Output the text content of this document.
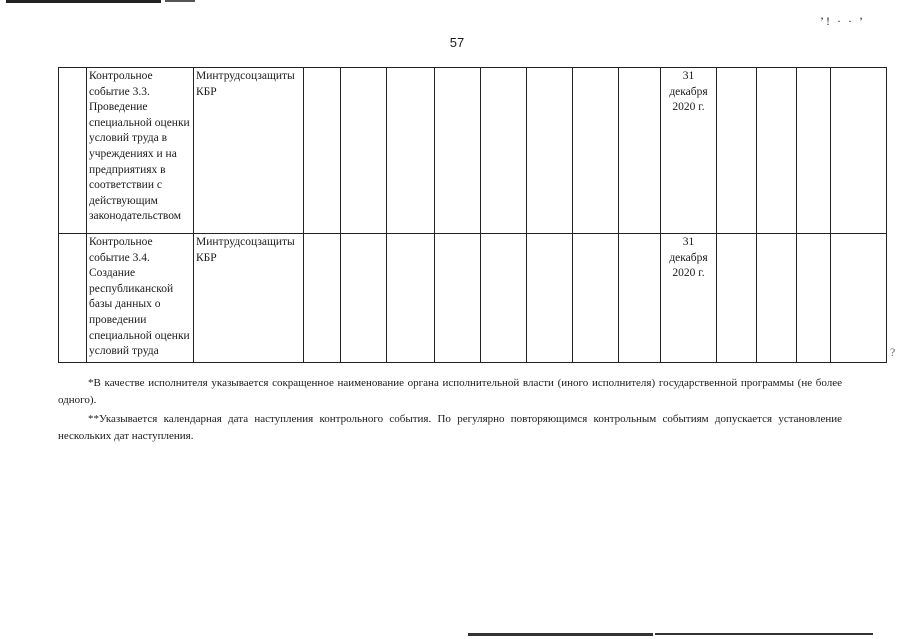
’! · · ’
?
57
	Контрольное событие 3.3. Проведение специальной оценки условий труда в учреждениях и на предприятиях в соответствии с действующим законодательством	Минтрудсоцзащиты КБР									31 декабря 2020 г.				
	Контрольное событие 3.4. Создание республиканской базы данных о проведении специальной оценки условий труда	Минтрудсоцзащиты КБР									31 декабря 2020 г.				
*В качестве исполнителя указывается сокращенное наименование органа исполнительной власти (иного исполнителя) государственной программы (не более одного).
**Указывается календарная дата наступления контрольного события. По регулярно повторяющимся контрольным событиям допускается установление нескольких дат наступления.
